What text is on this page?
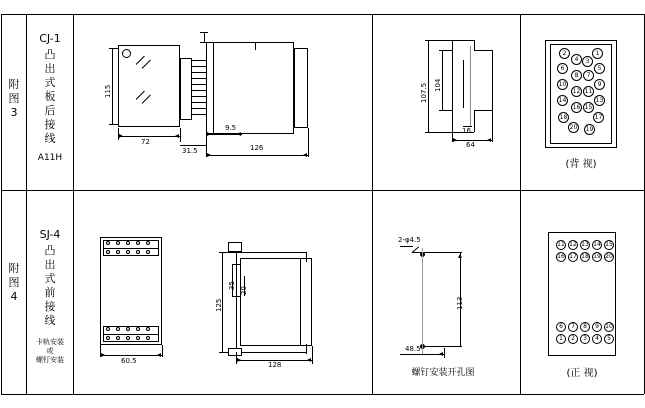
附
图
3
CJ-1
凸
出
式
板
后
接
线
A11H
115
72
31.5
9.5
126
107.5 104
16
64
2	1
4	3
6	5
8	7
10	9
12 11
14	13
16 15
18	17
20 19
(背 视)
附
图
4
SJ-4
凸
出
式
前
接
线
卡轨安装
或
螺钉安装	60.5
125
35
20
128
2-φ4.5
113
48.5
螺钉安装开孔图
11 12 13 14 15
16 17 18 19 20
6	7	8	9	10
1	2	3	4	5
(正 视)
